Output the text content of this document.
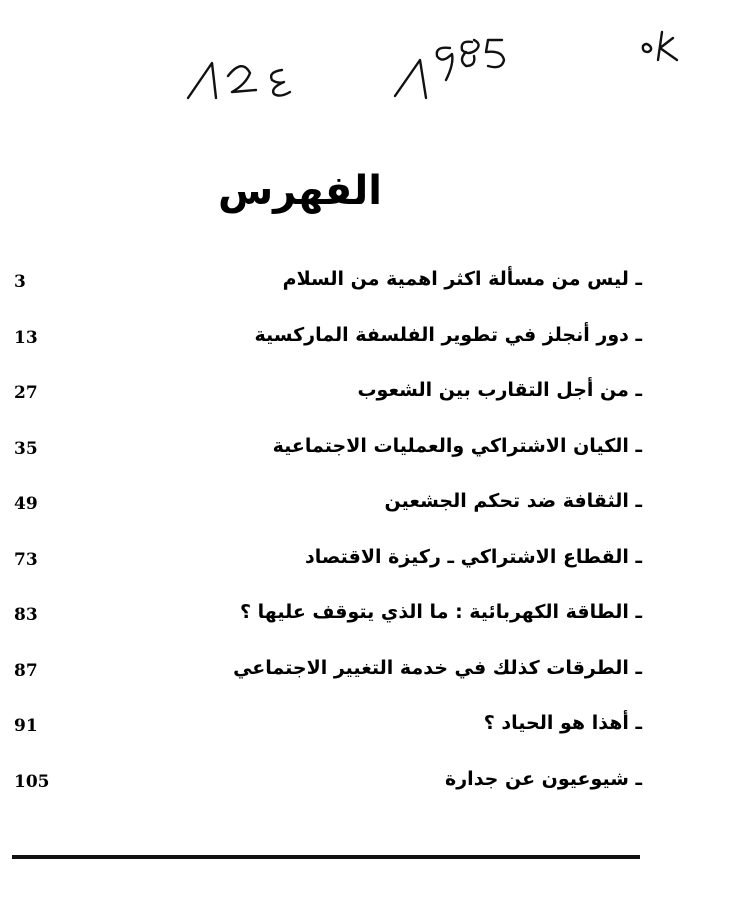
الفهرس
3	ـ ليس من مسألة اكثر اهمية من السلام
13	ـ دور أنجلز في تطوير الفلسفة الماركسية
27	ـ من أجل التقارب بين الشعوب
35	ـ الكيان الاشتراكي والعمليات الاجتماعية
49	ـ الثقافة ضد تحكم الجشعين
73	ـ القطاع الاشتراكي ـ ركيزة الاقتصاد
83	ـ الطاقة الكهربائية : ما الذي يتوقف عليها ؟
87	ـ الطرقات كذلك في خدمة التغيير الاجتماعي
91	ـ أهذا هو الحياد ؟
105	ـ شيوعيون عن جدارة
